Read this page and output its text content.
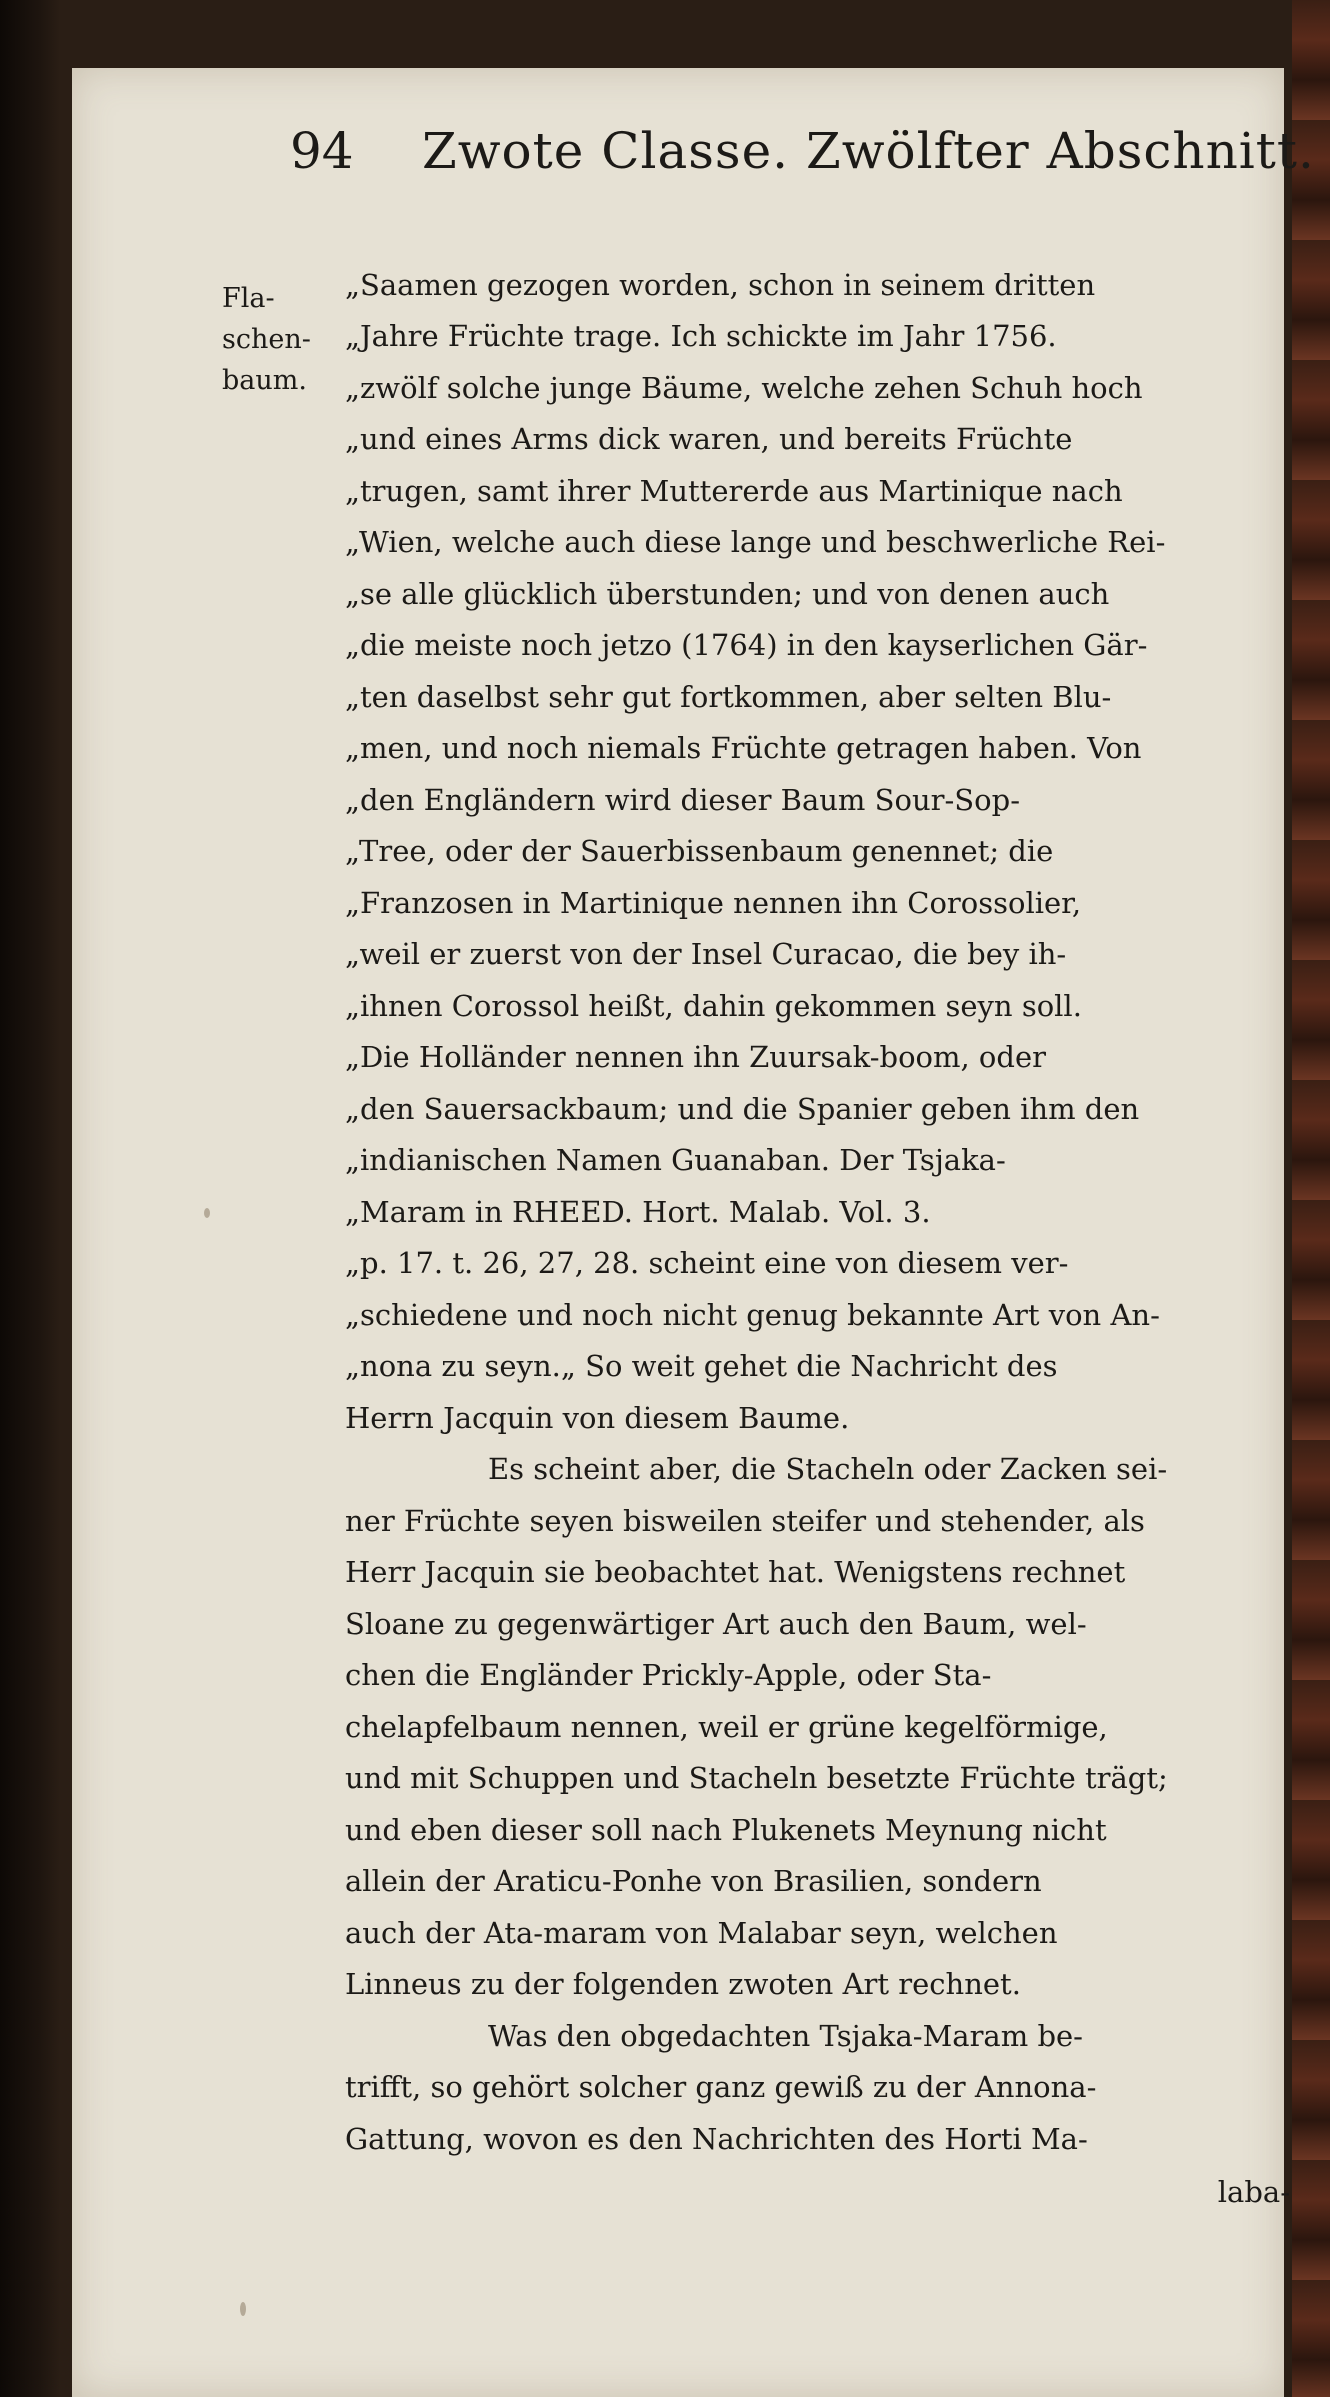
94 Zwote Classe. Zwölfter Abschnitt.
Fla-
schen-
baum.
„Saamen gezogen worden, schon in seinem dritten
„Jahre Früchte trage. Ich schickte im Jahr 1756.
„zwölf solche junge Bäume, welche zehen Schuh hoch
„und eines Arms dick waren, und bereits Früchte
„trugen, samt ihrer Muttererde aus Martinique nach
„Wien, welche auch diese lange und beschwerliche Rei-
„se alle glücklich überstunden; und von denen auch
„die meiste noch jetzo (1764) in den kayserlichen Gär-
„ten daselbst sehr gut fortkommen, aber selten Blu-
„men, und noch niemals Früchte getragen haben. Von
„den Engländern wird dieser Baum Sour-Sop-
„Tree, oder der Sauerbissenbaum genennet; die
„Franzosen in Martinique nennen ihn Corossolier,
„weil er zuerst von der Insel Curacao, die bey ih-
„ihnen Corossol heißt, dahin gekommen seyn soll.
„Die Holländer nennen ihn Zuursak-boom, oder
„den Sauersackbaum; und die Spanier geben ihm den
„indianischen Namen Guanaban. Der Tsjaka-
„Maram in RHEED. Hort. Malab. Vol. 3.
„p. 17. t. 26, 27, 28. scheint eine von diesem ver-
„schiedene und noch nicht genug bekannte Art von An-
„nona zu seyn.„ So weit gehet die Nachricht des
Herrn Jacquin von diesem Baume.
Es scheint aber, die Stacheln oder Zacken sei-
ner Früchte seyen bisweilen steifer und stehender, als
Herr Jacquin sie beobachtet hat. Wenigstens rechnet
Sloane zu gegenwärtiger Art auch den Baum, wel-
chen die Engländer Prickly-Apple, oder Sta-
chelapfelbaum nennen, weil er grüne kegelförmige,
und mit Schuppen und Stacheln besetzte Früchte trägt;
und eben dieser soll nach Plukenets Meynung nicht
allein der Araticu-Ponhe von Brasilien, sondern
auch der Ata-maram von Malabar seyn, welchen
Linneus zu der folgenden zwoten Art rechnet.
Was den obgedachten Tsjaka-Maram be-
trifft, so gehört solcher ganz gewiß zu der Annona-
Gattung, wovon es den Nachrichten des Horti Ma-
laba-
